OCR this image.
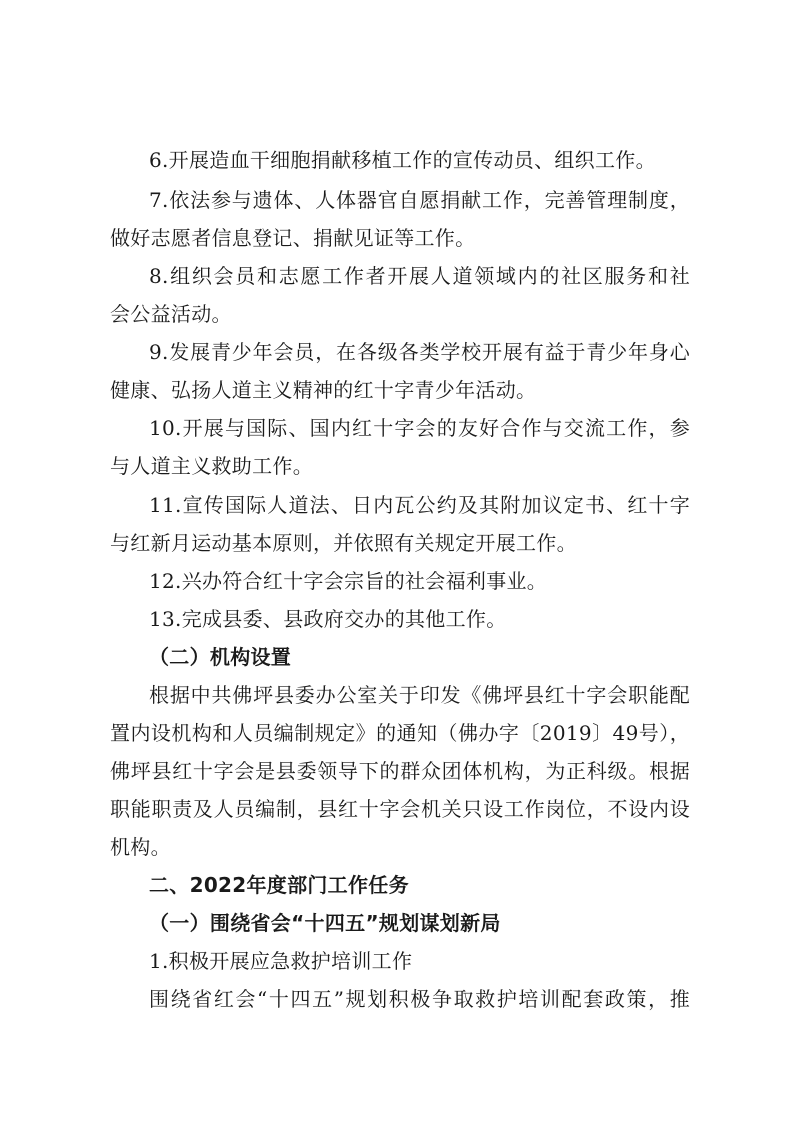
6.开展造血干细胞捐献移植工作的宣传动员、组织工作。
7.依法参与遗体、人体器官自愿捐献工作，完善管理制度，
做好志愿者信息登记、捐献见证等工作。
8.组织会员和志愿工作者开展人道领域内的社区服务和社
会公益活动。
9.发展青少年会员，在各级各类学校开展有益于青少年身心
健康、弘扬人道主义精神的红十字青少年活动。
10.开展与国际、国内红十字会的友好合作与交流工作，参
与人道主义救助工作。
11.宣传国际人道法、日内瓦公约及其附加议定书、红十字
与红新月运动基本原则，并依照有关规定开展工作。
12.兴办符合红十字会宗旨的社会福利事业。
13.完成县委、县政府交办的其他工作。
（二）机构设置
根据中共佛坪县委办公室关于印发《佛坪县红十字会职能配
置内设机构和人员编制规定》的通知（佛办字〔2019〕49号），
佛坪县红十字会是县委领导下的群众团体机构，为正科级。根据
职能职责及人员编制，县红十字会机关只设工作岗位，不设内设
机构。
二、2022年度部门工作任务
（一）围绕省会“十四五”规划谋划新局
1.积极开展应急救护培训工作
围绕省红会“十四五”规划积极争取救护培训配套政策，推
